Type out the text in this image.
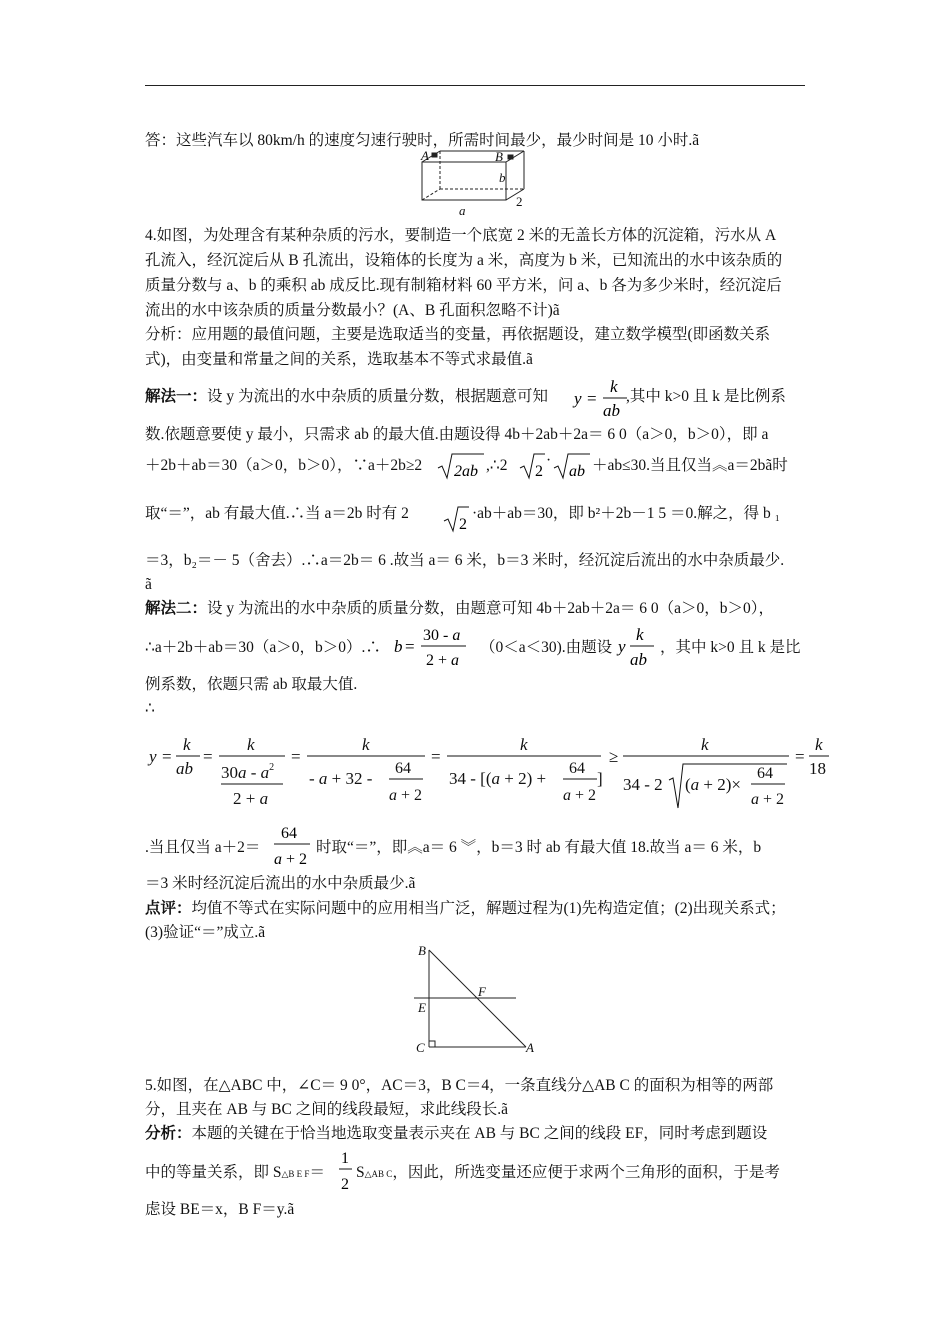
答：这些汽车以 80km/h 的速度匀速行驶时，所需时间最少，最少时间是 10 小时.ã
A	B
b
2
a
4.如图，为处理含有某种杂质的污水，要制造一个底宽 2 米的无盖长方体的沉淀箱，污水从 A
孔流入，经沉淀后从 B 孔流出，设箱体的长度为 a 米，高度为 b 米，已知流出的水中该杂质的
质量分数与 a、b 的乘积 ab 成反比.现有制箱材料 60 平方米，问 a、b 各为多少米时，经沉淀后
流出的水中该杂质的质量分数最小？(A、B 孔面积忽略不计)ã
分析：应用题的最值问题，主要是选取适当的变量，再依据题设，建立数学模型(即函数关系
式)，由变量和常量之间的关系，选取基本不等式求最值.ã
解法一：设 y 为流出的水中杂质的质量分数，根据题意可知	y =
k
ab
,其中 k>0 且 k 是比例系
数.依题意要使 y 最小，只需求 ab 的最大值.由题设得 4b＋2ab＋2a＝ 6 0（a＞0，b＞0），即 a
＋2b＋ab＝30（a＞0，b＞0），∵a＋2b≥2	2ab ,∴2	2
·
ab ＋ab≤30.当且仅当︽a＝2bã时
取“＝”，ab 有最大值.∴当 a＝2b 时有 2
2
·ab＋ab＝30，即 b²＋2b－1 5 ＝0.解之，得 b ₁
＝3，b₂＝－ 5（舍去）.∴a＝2b＝ 6 .故当 a＝ 6 米，b＝3 米时，经沉淀后流出的水中杂质最少.
ã
解法二：设 y 为流出的水中杂质的质量分数，由题意可知 4b＋2ab＋2a＝ 6 0（a＞0，b＞0），
∴a＋2b＋ab＝30（a＞0，b＞0）.∴ b =
30 - a
2 + a
（0＜a＜30).由题设 y
k
ab
，其中 k>0 且 k 是比
例系数，依题只需 ab 取最大值.
∴
y =
k
ab
=
k
$30a - a^2$
2 + a
=
k
- a + 32 -
64
a + 2
=
k
34 - [(a + 2) +
64
a + 2
]
≥
k
34 - 2 (a + 2)×
64
a + 2
=
k
18
.当且仅当 a＋2＝
64
a + 2
时取“＝”，即︽a＝ 6 ︾，b＝3 时 ab 有最大值 18.故当 a＝ 6 米，b
＝3 米时经沉淀后流出的水中杂质最少.ã
点评：均值不等式在实际问题中的应用相当广泛，解题过程为(1)先构造定值；(2)出现关系式；
(3)验证“＝”成立.ã
B
F
E
C	A
5.如图，在△ABC 中，∠C＝ 9 0°，AC＝3，B C＝4，一条直线分△AB C 的面积为相等的两部
分，且夹在 AB 与 BC 之间的线段最短，求此线段长.ã
分析：本题的关键在于恰当地选取变量表示夹在 AB 与 BC 之间的线段 EF，同时考虑到题设
中的等量关系，即 S△B E F＝
1
2
S△AB C，因此，所选变量还应便于求两个三角形的面积，于是考
虑设 BE＝x，B F＝y.ã
